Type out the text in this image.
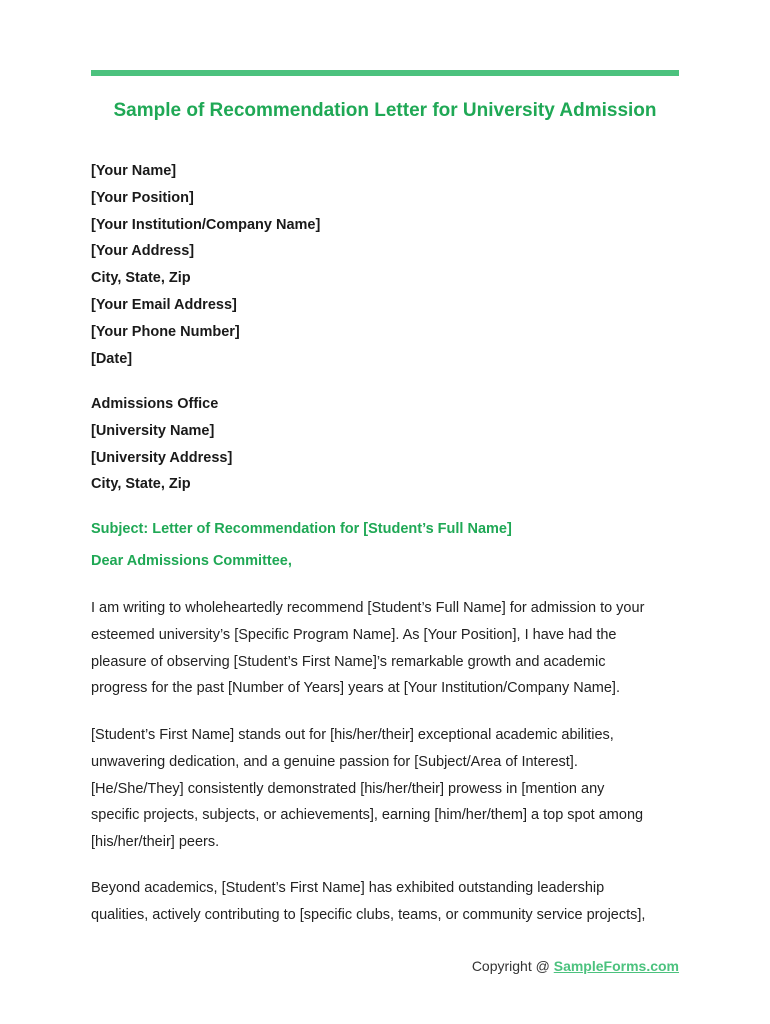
Sample of Recommendation Letter for University Admission
[Your Name]
[Your Position]
[Your Institution/Company Name]
[Your Address]
City, State, Zip
[Your Email Address]
[Your Phone Number]
[Date]
Admissions Office
[University Name]
[University Address]
City, State, Zip

Subject: Letter of Recommendation for [Student’s Full Name]

Dear Admissions Committee,

I am writing to wholeheartedly recommend [Student’s Full Name] for admission to your
esteemed university’s [Specific Program Name]. As [Your Position], I have had the
pleasure of observing [Student’s First Name]’s remarkable growth and academic
progress for the past [Number of Years] years at [Your Institution/Company Name].
[Student’s First Name] stands out for [his/her/their] exceptional academic abilities,
unwavering dedication, and a genuine passion for [Subject/Area of Interest].
[He/She/They] consistently demonstrated [his/her/their] prowess in [mention any
specific projects, subjects, or achievements], earning [him/her/them] a top spot among
[his/her/their] peers.
Beyond academics, [Student’s First Name] has exhibited outstanding leadership
qualities, actively contributing to [specific clubs, teams, or community service projects],
Copyright @ SampleForms.com
